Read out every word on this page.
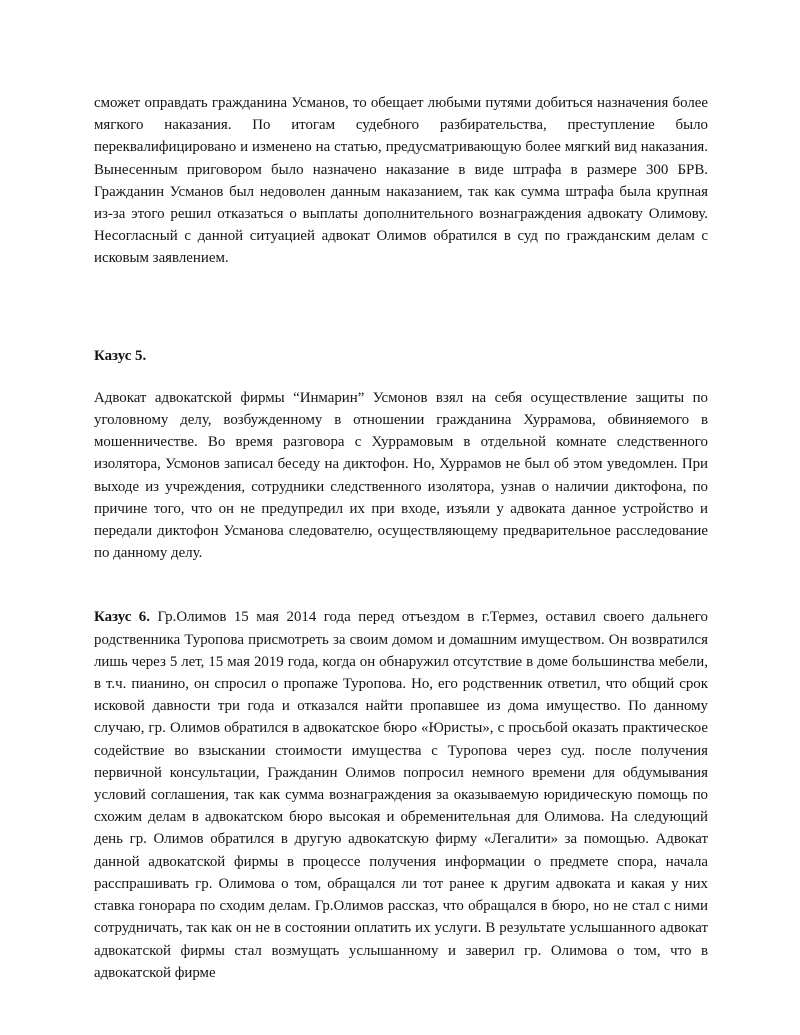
сможет оправдать гражданина Усманов, то обещает любыми путями добиться назначения более мягкого наказания. По итогам судебного разбирательства, преступление было переквалифицировано и изменено на статью, предусматривающую более мягкий вид наказания. Вынесенным приговором было назначено наказание в виде штрафа в размере 300 БРВ. Гражданин Усманов был недоволен данным наказанием, так как сумма штрафа была крупная из-за этого решил отказаться о выплаты дополнительного вознаграждения адвокату Олимову. Несогласный с данной ситуацией адвокат Олимов обратился в суд по гражданским делам с исковым заявлением.

Казус 5.

Адвокат адвокатской фирмы “Инмарин” Усмонов взял на себя осуществление защиты по уголовному делу, возбужденному в отношении гражданина Хуррамова, обвиняемого в мошенничестве. Во время разговора с Хуррамовым в отдельной комнате следственного изолятора, Усмонов записал беседу на диктофон. Но, Хуррамов не был об этом уведомлен. При выходе из учреждения, сотрудники следственного изолятора, узнав о наличии диктофона, по причине того, что он не предупредил их при входе, изъяли у адвоката данное устройство и передали диктофон Усманова следователю, осуществляющему предварительное расследование по данному делу.

Казус 6. Гр.Олимов 15 мая 2014 года перед отъездом в г.Термез, оставил своего дальнего родственника Туропова присмотреть за своим домом и домашним имуществом. Он возвратился лишь через 5 лет, 15 мая 2019 года, когда он обнаружил отсутствие в доме большинства мебели, в т.ч. пианино, он спросил о пропаже Туропова. Но, его родственник ответил, что общий срок исковой давности три года и отказался найти пропавшее из дома имущество. По данному случаю, гр. Олимов обратился в адвокатское бюро «Юристы», с просьбой оказать практическое содействие во взыскании стоимости имущества с Туропова через суд. после получения первичной консультации, Гражданин Олимов попросил немного времени для обдумывания условий соглашения, так как сумма вознаграждения за оказываемую юридическую помощь по схожим делам в адвокатском бюро высокая и обременительная для Олимова. На следующий день гр. Олимов обратился в другую адвокатскую фирму «Легалити» за помощью. Адвокат данной адвокатской фирмы в процессе получения информации о предмете спора, начала расспрашивать гр. Олимова о том, обращался ли тот ранее к другим адвоката и какая у них ставка гонорара по сходим делам. Гр.Олимов рассказ, что обращался в бюро, но не стал с ними сотрудничать, так как он не в состоянии оплатить их услуги. В результате услышанного адвокат адвокатской фирмы стал возмущать услышанному и заверил гр. Олимова о том, что в адвокатской фирме
